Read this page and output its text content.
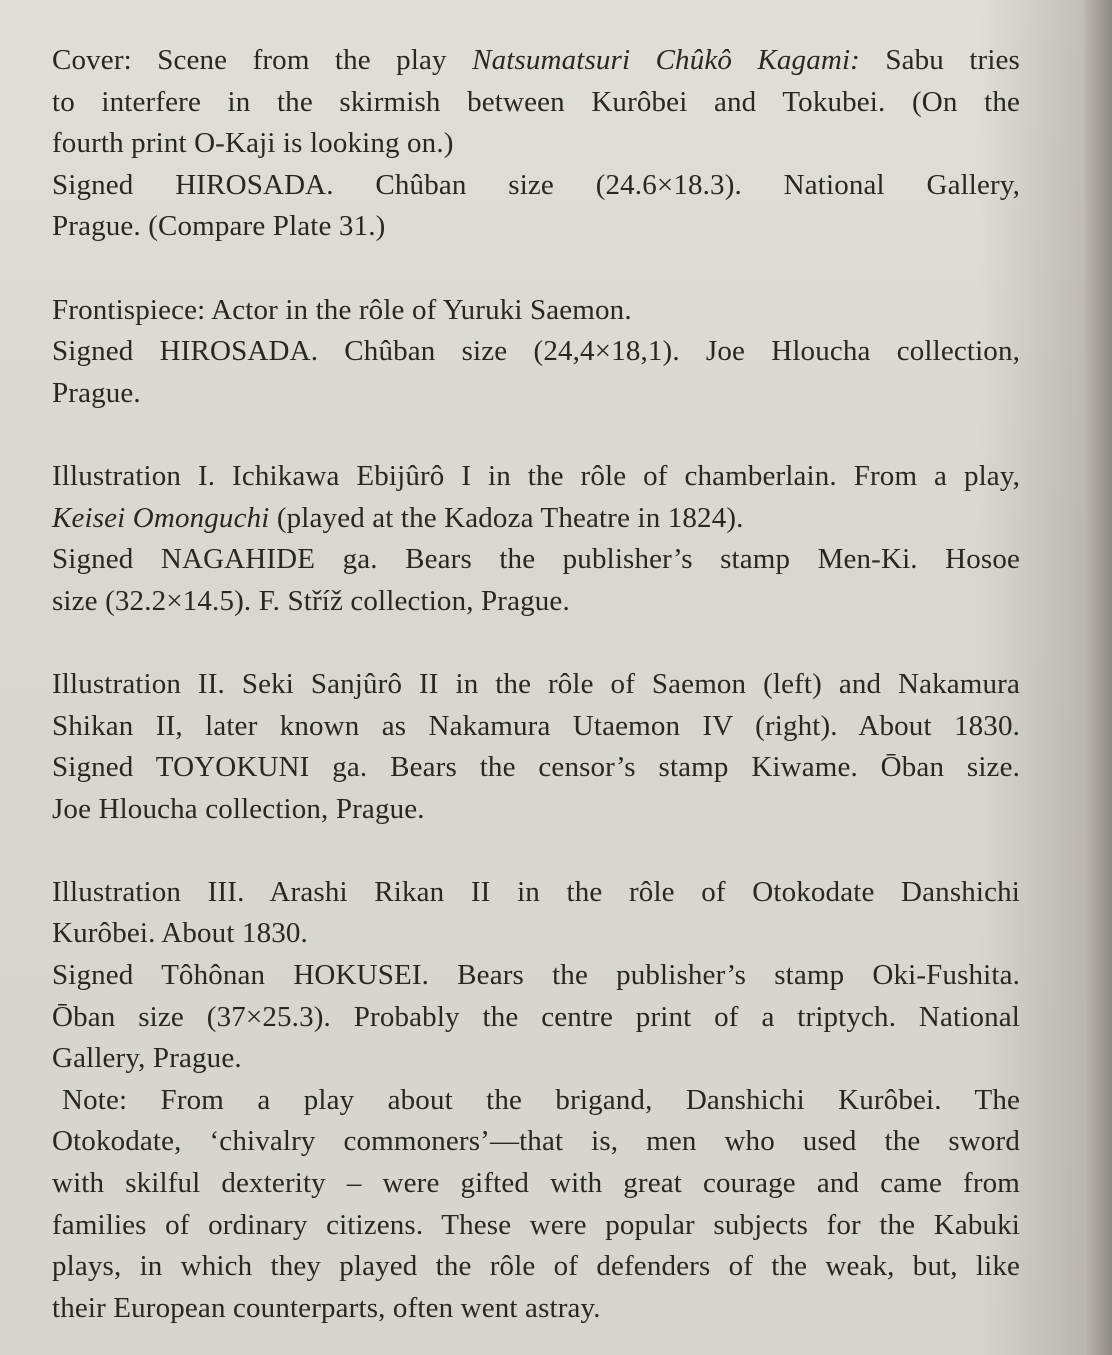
Cover: Scene from the play Natsumatsuri Chûkô Kagami: Sabu tries
to interfere in the skirmish between Kurôbei and Tokubei. (On the
fourth print O-Kaji is looking on.)
Signed HIROSADA. Chûban size (24.6×18.3). National Gallery,
Prague. (Compare Plate 31.)
Frontispiece: Actor in the rôle of Yuruki Saemon.
Signed HIROSADA. Chûban size (24,4×18,1). Joe Hloucha collection,
Prague.
Illustration I. Ichikawa Ebijûrô I in the rôle of chamberlain. From a play,
Keisei Omonguchi (played at the Kadoza Theatre in 1824).
Signed NAGAHIDE ga. Bears the publisher’s stamp Men-Ki. Hosoe
size (32.2×14.5). F. Stříž collection, Prague.
Illustration II. Seki Sanjûrô II in the rôle of Saemon (left) and Nakamura
Shikan II, later known as Nakamura Utaemon IV (right). About 1830.
Signed TOYOKUNI ga. Bears the censor’s stamp Kiwame. Ōban size.
Joe Hloucha collection, Prague.
Illustration III. Arashi Rikan II in the rôle of Otokodate Danshichi
Kurôbei. About 1830.
Signed Tôhônan HOKUSEI. Bears the publisher’s stamp Oki-Fushita.
Ōban size (37×25.3). Probably the centre print of a triptych. National
Gallery, Prague.
Note: From a play about the brigand, Danshichi Kurôbei. The
Otokodate, ‘chivalry commoners’—that is, men who used the sword
with skilful dexterity – were gifted with great courage and came from
families of ordinary citizens. These were popular subjects for the Kabuki
plays, in which they played the rôle of defenders of the weak, but, like
their European counterparts, often went astray.
